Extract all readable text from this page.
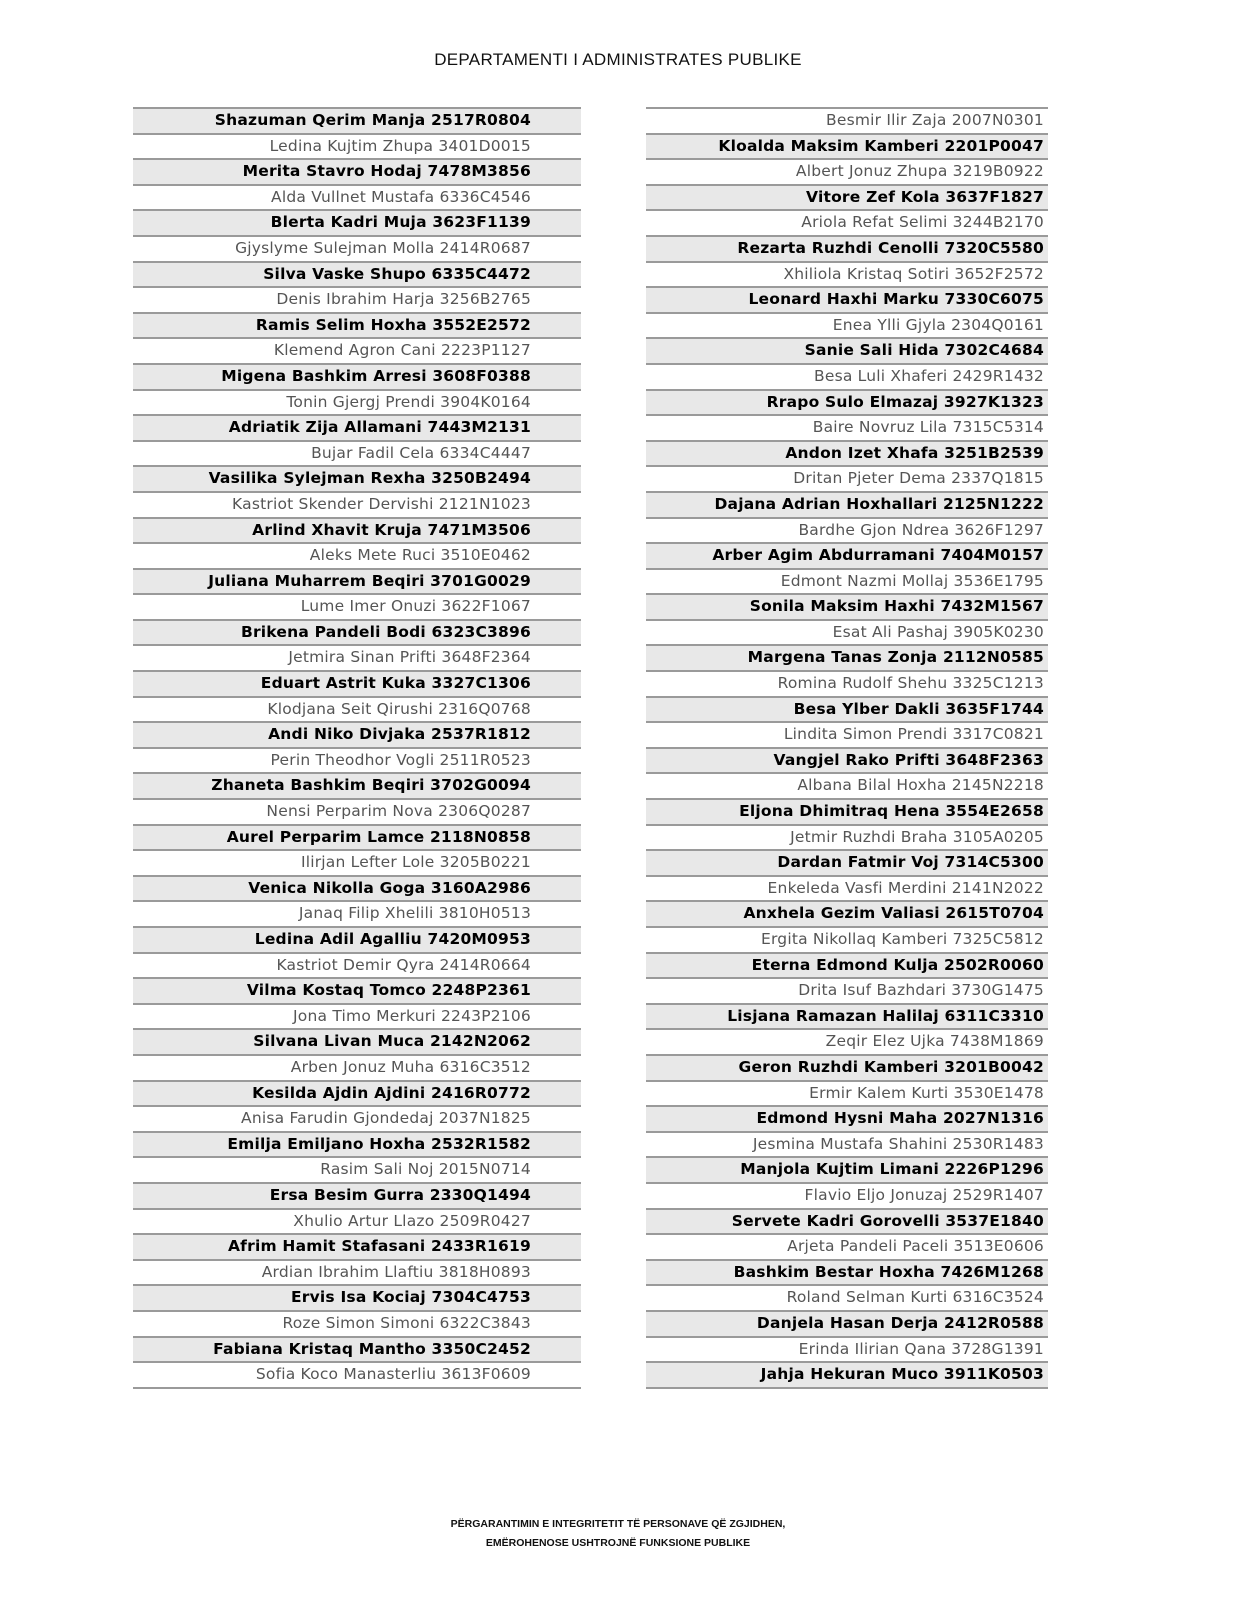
DEPARTAMENTI I ADMINISTRATES PUBLIKE
Shazuman Qerim Manja 2517R0804
Ledina Kujtim Zhupa 3401D0015
Merita Stavro Hodaj 7478M3856
Alda Vullnet Mustafa 6336C4546
Blerta Kadri Muja 3623F1139
Gjyslyme Sulejman Molla 2414R0687
Silva Vaske Shupo 6335C4472
Denis Ibrahim Harja 3256B2765
Ramis Selim Hoxha 3552E2572
Klemend Agron Cani 2223P1127
Migena Bashkim Arresi 3608F0388
Tonin Gjergj Prendi 3904K0164
Adriatik Zija Allamani 7443M2131
Bujar Fadil Cela 6334C4447
Vasilika Sylejman Rexha 3250B2494
Kastriot Skender Dervishi 2121N1023
Arlind Xhavit Kruja 7471M3506
Aleks Mete Ruci 3510E0462
Juliana Muharrem Beqiri 3701G0029
Lume Imer Onuzi 3622F1067
Brikena Pandeli Bodi 6323C3896
Jetmira Sinan Prifti 3648F2364
Eduart Astrit Kuka 3327C1306
Klodjana Seit Qirushi 2316Q0768
Andi Niko Divjaka 2537R1812
Perin Theodhor Vogli 2511R0523
Zhaneta Bashkim Beqiri 3702G0094
Nensi Perparim Nova 2306Q0287
Aurel Perparim Lamce 2118N0858
Ilirjan Lefter Lole 3205B0221
Venica Nikolla Goga 3160A2986
Janaq Filip Xhelili 3810H0513
Ledina Adil Agalliu 7420M0953
Kastriot Demir Qyra 2414R0664
Vilma Kostaq Tomco 2248P2361
Jona Timo Merkuri 2243P2106
Silvana Livan Muca 2142N2062
Arben Jonuz Muha 6316C3512
Kesilda Ajdin Ajdini 2416R0772
Anisa Farudin Gjondedaj 2037N1825
Emilja Emiljano Hoxha 2532R1582
Rasim Sali Noj 2015N0714
Ersa Besim Gurra 2330Q1494
Xhulio Artur Llazo 2509R0427
Afrim Hamit Stafasani 2433R1619
Ardian Ibrahim Llaftiu 3818H0893
Ervis Isa Kociaj 7304C4753
Roze Simon Simoni 6322C3843
Fabiana Kristaq Mantho 3350C2452
Sofia Koco Manasterliu 3613F0609
Besmir Ilir Zaja 2007N0301
Kloalda Maksim Kamberi 2201P0047
Albert Jonuz Zhupa 3219B0922
Vitore Zef Kola 3637F1827
Ariola Refat Selimi 3244B2170
Rezarta Ruzhdi Cenolli 7320C5580
Xhiliola Kristaq Sotiri 3652F2572
Leonard Haxhi Marku 7330C6075
Enea Ylli Gjyla 2304Q0161
Sanie Sali Hida 7302C4684
Besa Luli Xhaferi 2429R1432
Rrapo Sulo Elmazaj 3927K1323
Baire Novruz Lila 7315C5314
Andon Izet Xhafa 3251B2539
Dritan Pjeter Dema 2337Q1815
Dajana Adrian Hoxhallari 2125N1222
Bardhe Gjon Ndrea 3626F1297
Arber Agim Abdurramani 7404M0157
Edmont Nazmi Mollaj 3536E1795
Sonila Maksim Haxhi 7432M1567
Esat Ali Pashaj 3905K0230
Margena Tanas Zonja 2112N0585
Romina Rudolf Shehu 3325C1213
Besa Ylber Dakli 3635F1744
Lindita Simon Prendi 3317C0821
Vangjel Rako Prifti 3648F2363
Albana Bilal Hoxha 2145N2218
Eljona Dhimitraq Hena 3554E2658
Jetmir Ruzhdi Braha 3105A0205
Dardan Fatmir Voj 7314C5300
Enkeleda Vasfi Merdini 2141N2022
Anxhela Gezim Valiasi 2615T0704
Ergita Nikollaq Kamberi 7325C5812
Eterna Edmond Kulja 2502R0060
Drita Isuf Bazhdari 3730G1475
Lisjana Ramazan Halilaj 6311C3310
Zeqir Elez Ujka 7438M1869
Geron Ruzhdi Kamberi 3201B0042
Ermir Kalem Kurti 3530E1478
Edmond Hysni Maha 2027N1316
Jesmina Mustafa Shahini 2530R1483
Manjola Kujtim Limani 2226P1296
Flavio Eljo Jonuzaj 2529R1407
Servete Kadri Gorovelli 3537E1840
Arjeta Pandeli Paceli 3513E0606
Bashkim Bestar Hoxha 7426M1268
Roland Selman Kurti 6316C3524
Danjela Hasan Derja 2412R0588
Erinda Ilirian Qana 3728G1391
Jahja Hekuran Muco 3911K0503
PËRGARANTIMIN E INTEGRITETIT TË PERSONAVE QË ZGJIDHEN,
EMËROHENOSE USHTROJNË FUNKSIONE PUBLIKE
